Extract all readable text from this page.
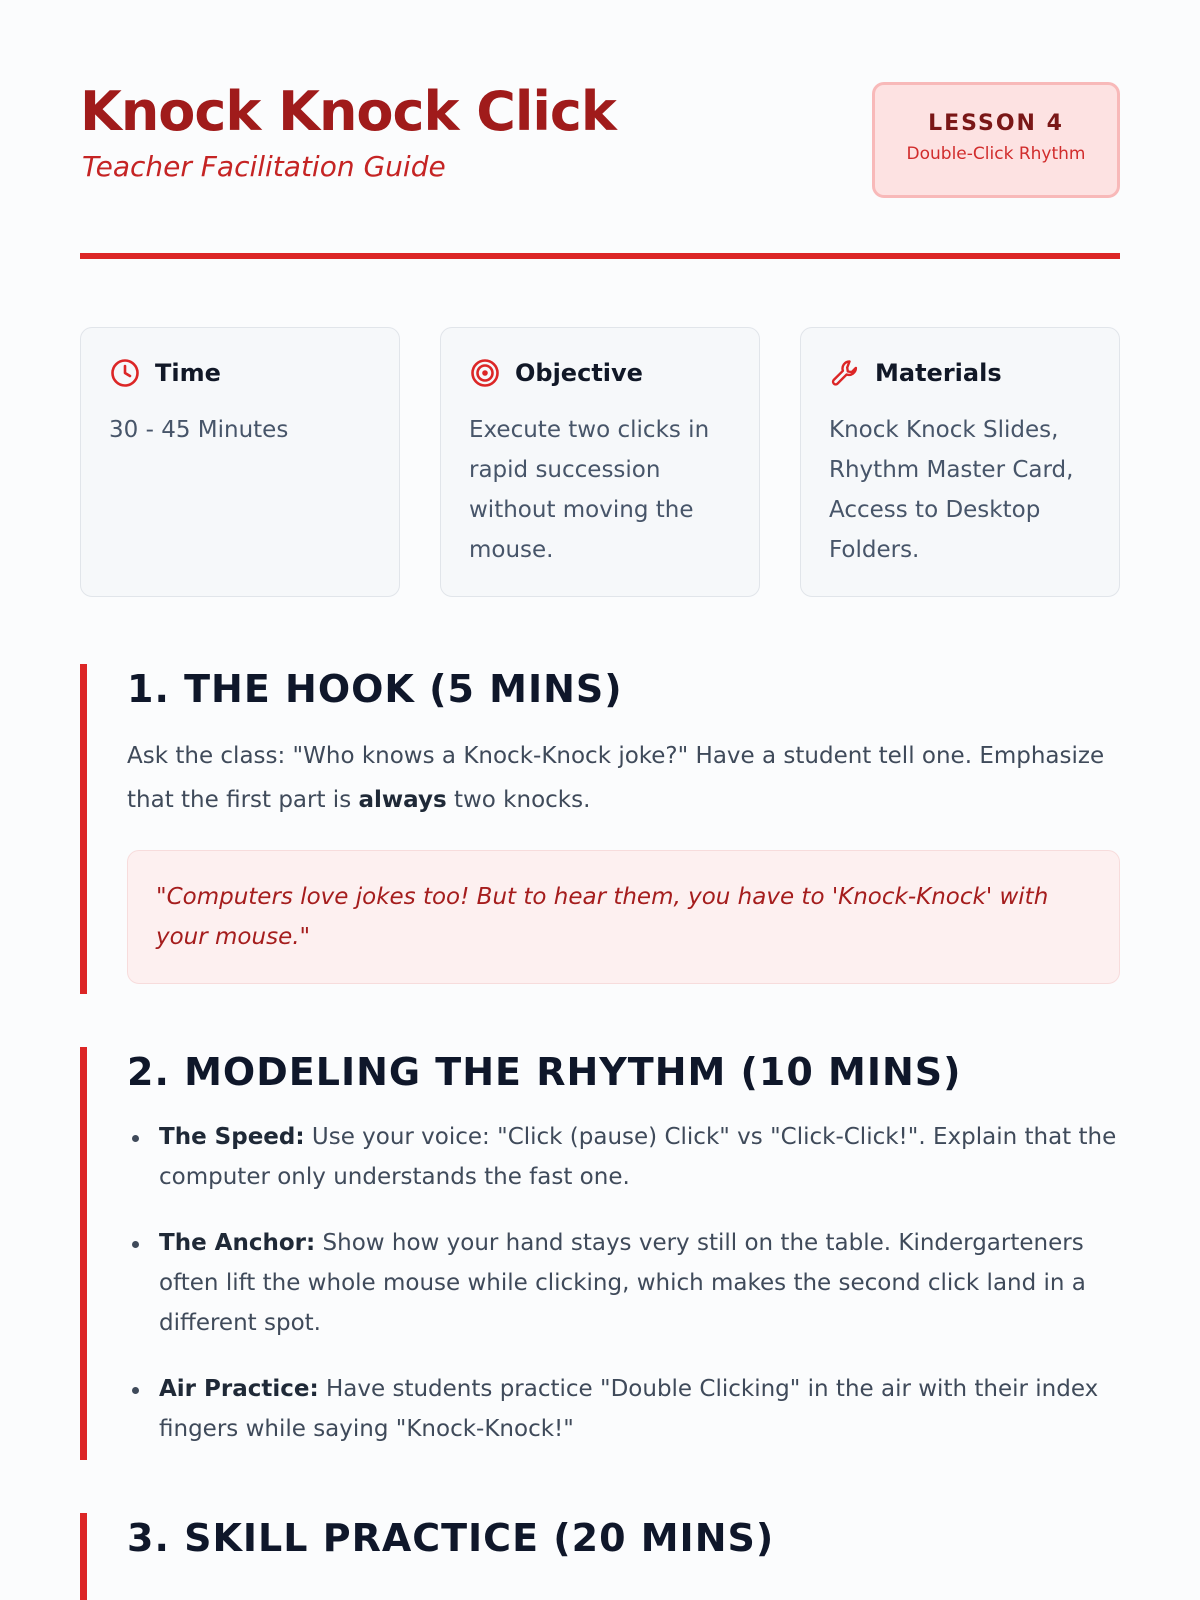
Knock Knock Click
Teacher Facilitation Guide
LESSON 4
Double-Click Rhythm
Time
30 - 45 Minutes
Objective
Execute two clicks in rapid succession without moving the mouse.
Materials
Knock Knock Slides, Rhythm Master Card, Access to Desktop Folders.
1. THE HOOK (5 MINS)

Ask the class: "Who knows a Knock-Knock joke?" Have a student tell one. Emphasize that the first part is always two knocks.

"Computers love jokes too! But to hear them, you have to 'Knock-Knock' with your mouse."
2. MODELING THE RHYTHM (10 MINS)
The Speed: Use your voice: "Click (pause) Click" vs "Click-Click!". Explain that the computer only understands the fast one.
The Anchor: Show how your hand stays very still on the table. Kindergarteners often lift the whole mouse while clicking, which makes the second click land in a different spot.
Air Practice: Have students practice "Double Clicking" in the air with their index fingers while saying "Knock-Knock!"
3. SKILL PRACTICE (20 MINS)
